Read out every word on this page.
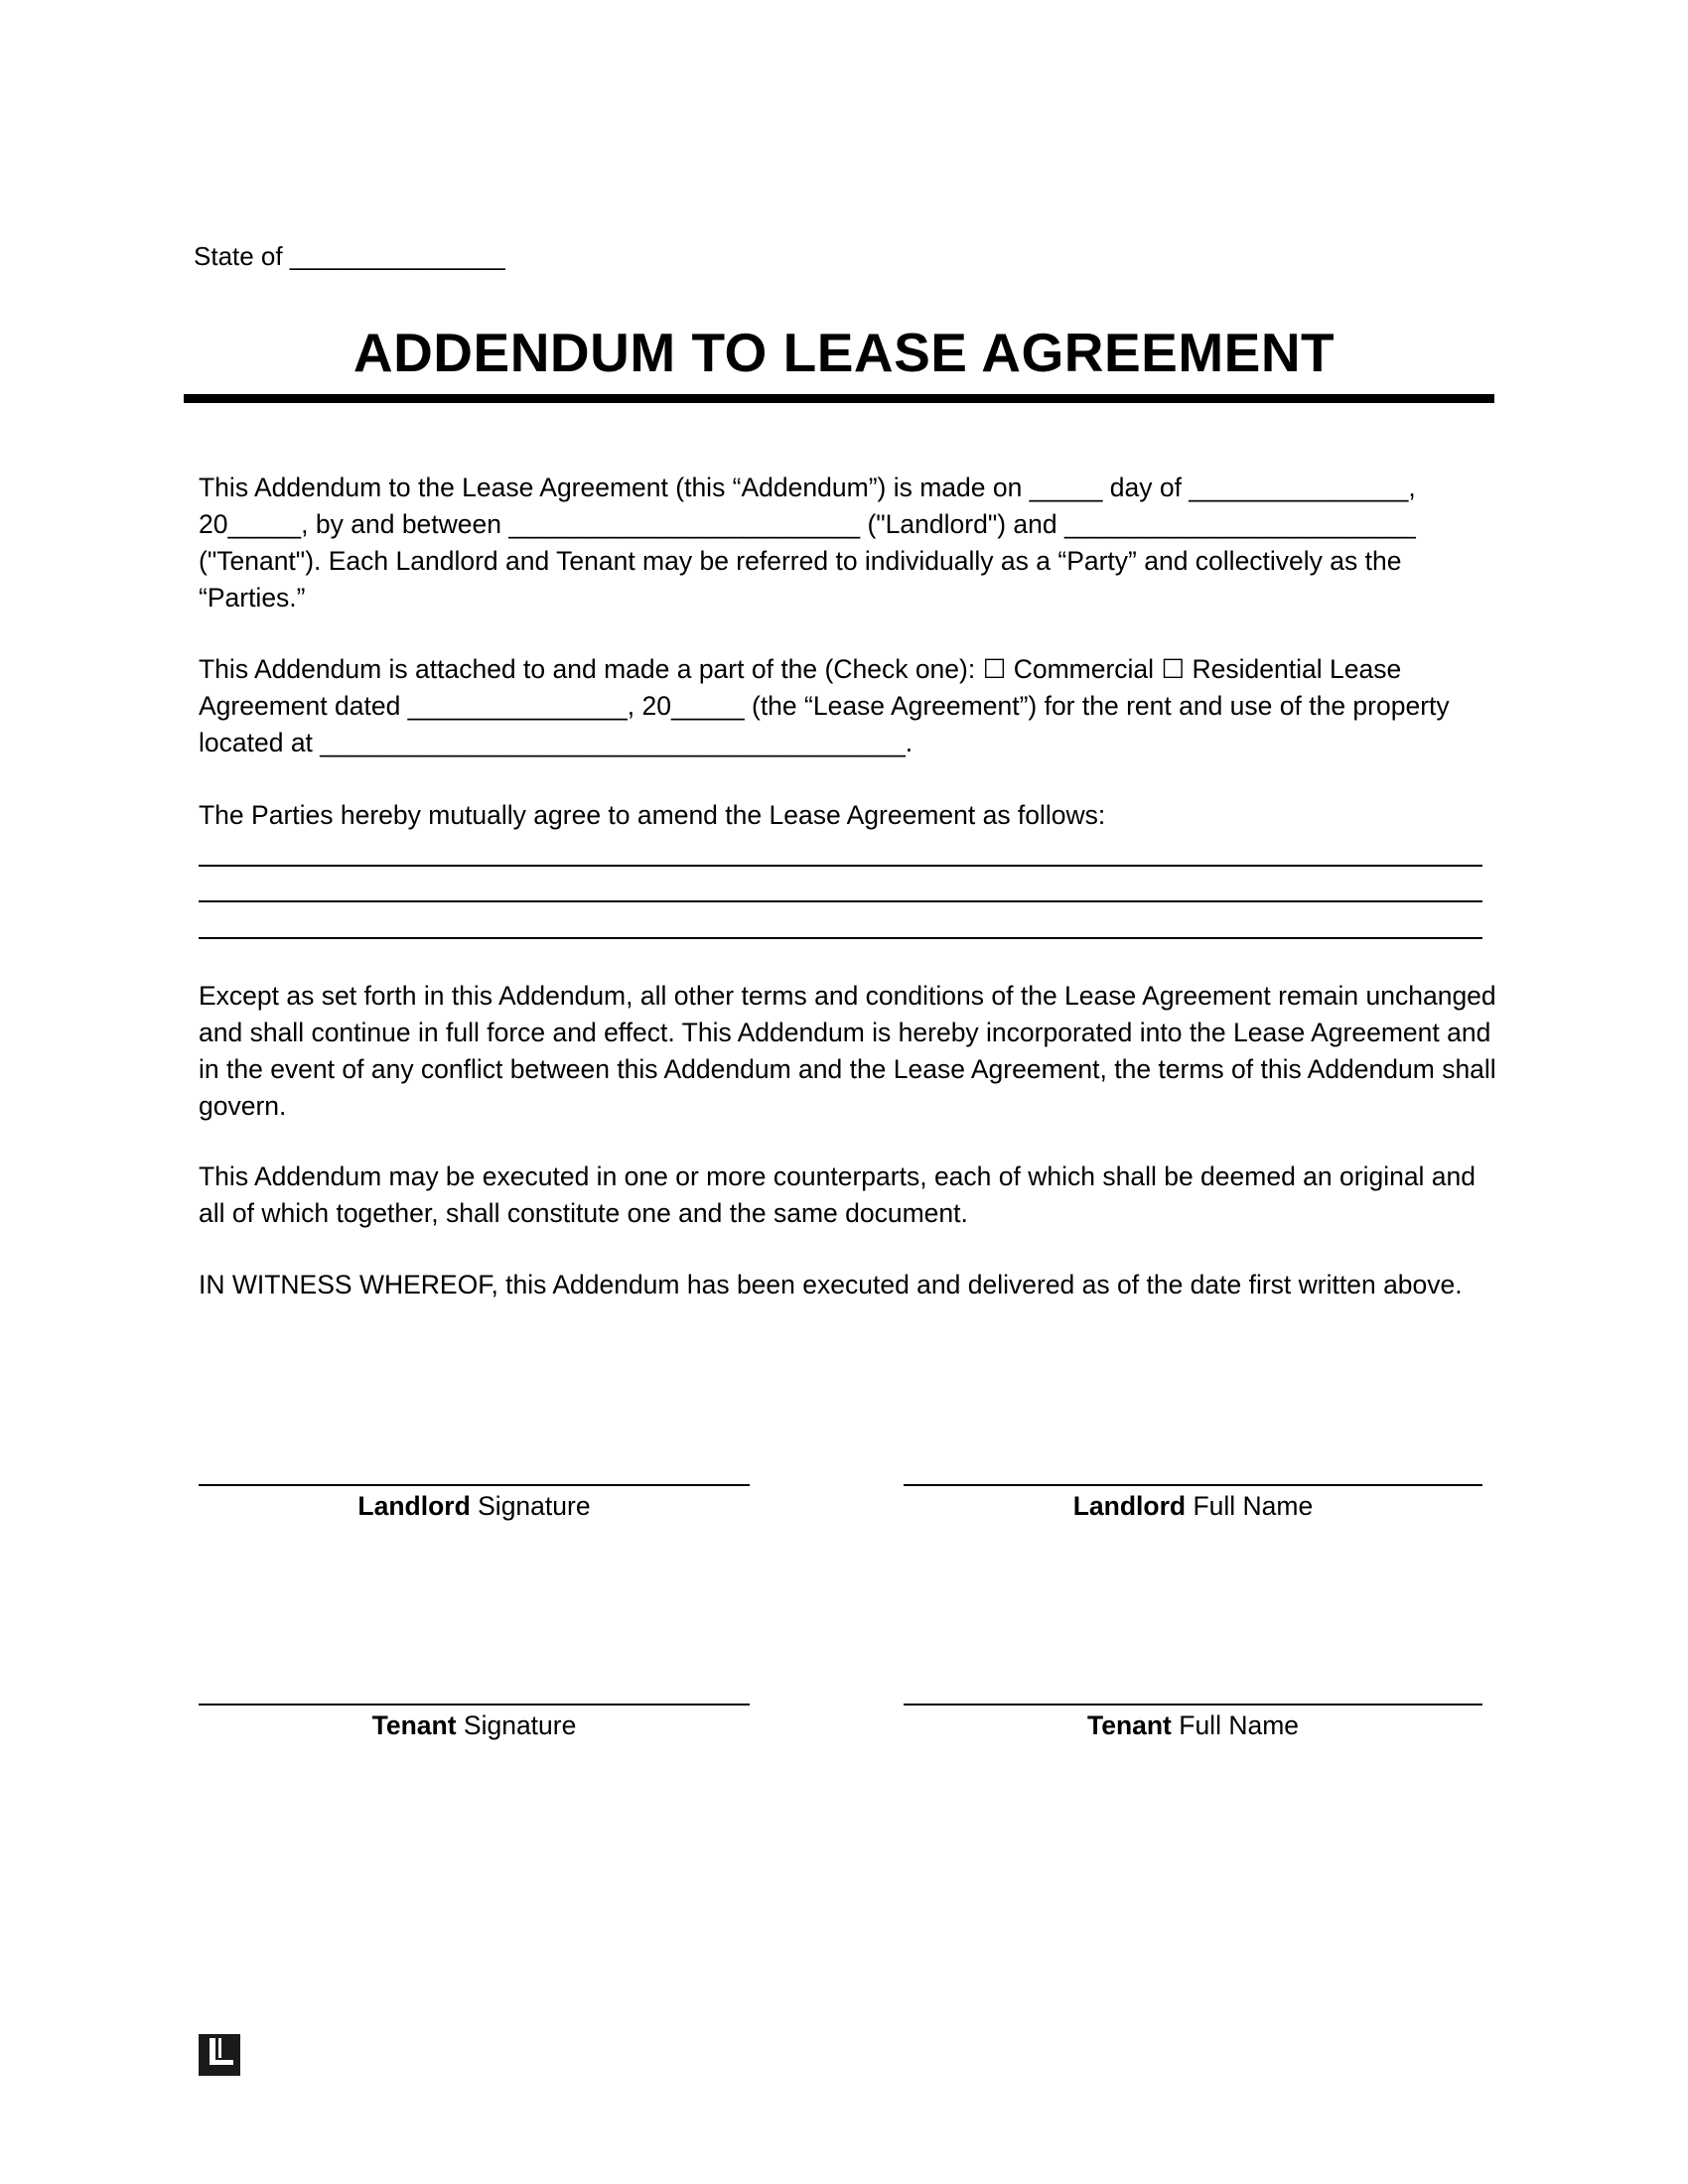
State of _______________
ADDENDUM TO LEASE AGREEMENT

This Addendum to the Lease Agreement (this “Addendum”) is made on _____ day of _______________, 20_____, by and between ________________________ ("Landlord") and ________________________ ("Tenant"). Each Landlord and Tenant may be referred to individually as a “Party” and collectively as the “Parties.”

This Addendum is attached to and made a part of the (Check one): ☐ Commercial ☐ Residential Lease Agreement dated _______________, 20_____ (the “Lease Agreement”) for the rent and use of the property located at ________________________________________.

The Parties hereby mutually agree to amend the Lease Agreement as follows:

Except as set forth in this Addendum, all other terms and conditions of the Lease Agreement remain unchanged and shall continue in full force and effect. This Addendum is hereby incorporated into the Lease Agreement and in the event of any conflict between this Addendum and the Lease Agreement, the terms of this Addendum shall govern.

This Addendum may be executed in one or more counterparts, each of which shall be deemed an original and all of which together, shall constitute one and the same document.

IN WITNESS WHEREOF, this Addendum has been executed and delivered as of the date first written above.

Landlord Signature	Landlord Full Name
Tenant Signature	Tenant Full Name
